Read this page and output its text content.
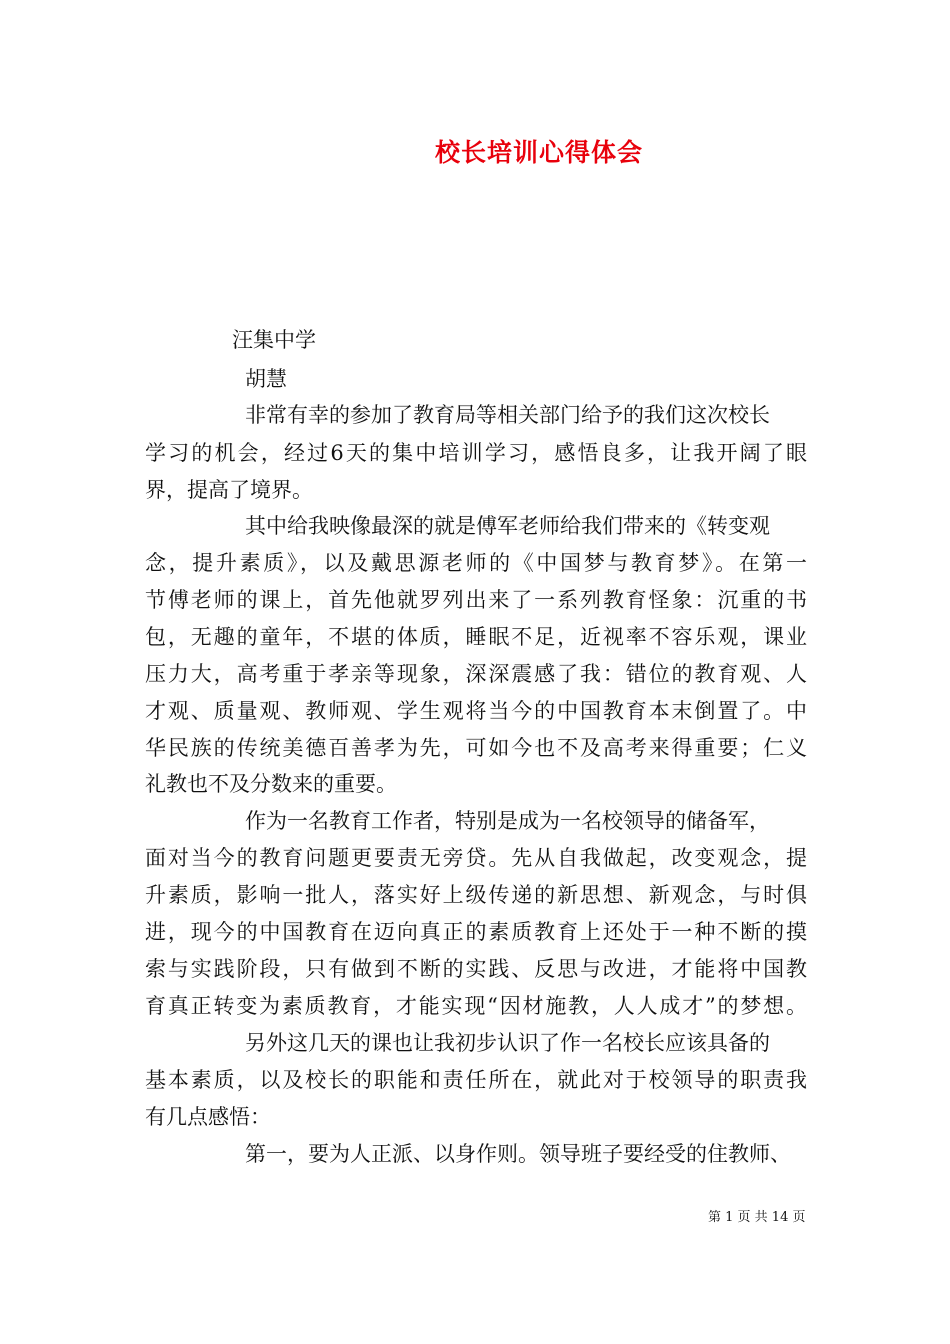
校长培训心得体会
汪集中学
胡慧
非常有幸的参加了教育局等相关部门给予的我们这次校长
学习的机会，经过6天的集中培训学习，感悟良多，让我开阔了眼
界，提高了境界。
其中给我映像最深的就是傅军老师给我们带来的《转变观
念，提升素质》，以及戴思源老师的《中国梦与教育梦》。在第一
节傅老师的课上，首先他就罗列出来了一系列教育怪象：沉重的书
包，无趣的童年，不堪的体质，睡眠不足，近视率不容乐观，课业
压力大，高考重于孝亲等现象，深深震感了我：错位的教育观、人
才观、质量观、教师观、学生观将当今的中国教育本末倒置了。中
华民族的传统美德百善孝为先，可如今也不及高考来得重要；仁义
礼教也不及分数来的重要。
作为一名教育工作者，特别是成为一名校领导的储备军，
面对当今的教育问题更要责无旁贷。先从自我做起，改变观念，提
升素质，影响一批人，落实好上级传递的新思想、新观念，与时俱
进，现今的中国教育在迈向真正的素质教育上还处于一种不断的摸
索与实践阶段，只有做到不断的实践、反思与改进，才能将中国教
育真正转变为素质教育，才能实现“因材施教，人人成才”的梦想。
另外这几天的课也让我初步认识了作一名校长应该具备的
基本素质，以及校长的职能和责任所在，就此对于校领导的职责我
有几点感悟：
第一，要为人正派、以身作则。领导班子要经受的住教师、
第 1 页 共 14 页
